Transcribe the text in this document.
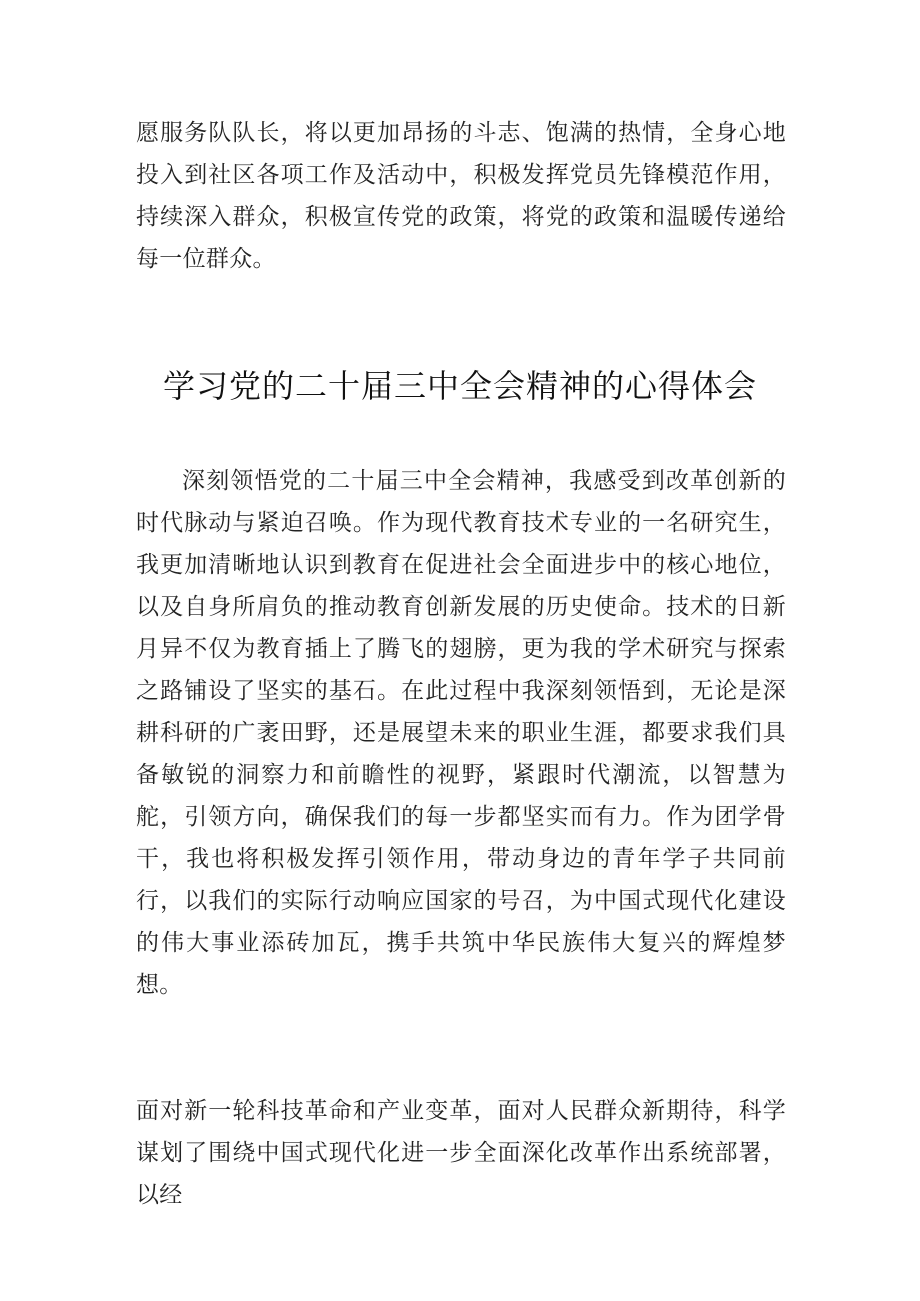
愿服务队队长，将以更加昂扬的斗志、饱满的热情，全身心地投入到社区各项工作及活动中，积极发挥党员先锋模范作用，持续深入群众，积极宣传党的政策，将党的政策和温暖传递给每一位群众。

学习党的二十届三中全会精神的心得体会

深刻领悟党的二十届三中全会精神，我感受到改革创新的时代脉动与紧迫召唤。作为现代教育技术专业的一名研究生，我更加清晰地认识到教育在促进社会全面进步中的核心地位，以及自身所肩负的推动教育创新发展的历史使命。技术的日新月异不仅为教育插上了腾飞的翅膀，更为我的学术研究与探索之路铺设了坚实的基石。在此过程中我深刻领悟到，无论是深耕科研的广袤田野，还是展望未来的职业生涯，都要求我们具备敏锐的洞察力和前瞻性的视野，紧跟时代潮流，以智慧为舵，引领方向，确保我们的每一步都坚实而有力。作为团学骨干，我也将积极发挥引领作用，带动身边的青年学子共同前行，以我们的实际行动响应国家的号召，为中国式现代化建设的伟大事业添砖加瓦，携手共筑中华民族伟大复兴的辉煌梦想。

面对新一轮科技革命和产业变革，面对人民群众新期待，科学谋划了围绕中国式现代化进一步全面深化改革作出系统部署，以经
